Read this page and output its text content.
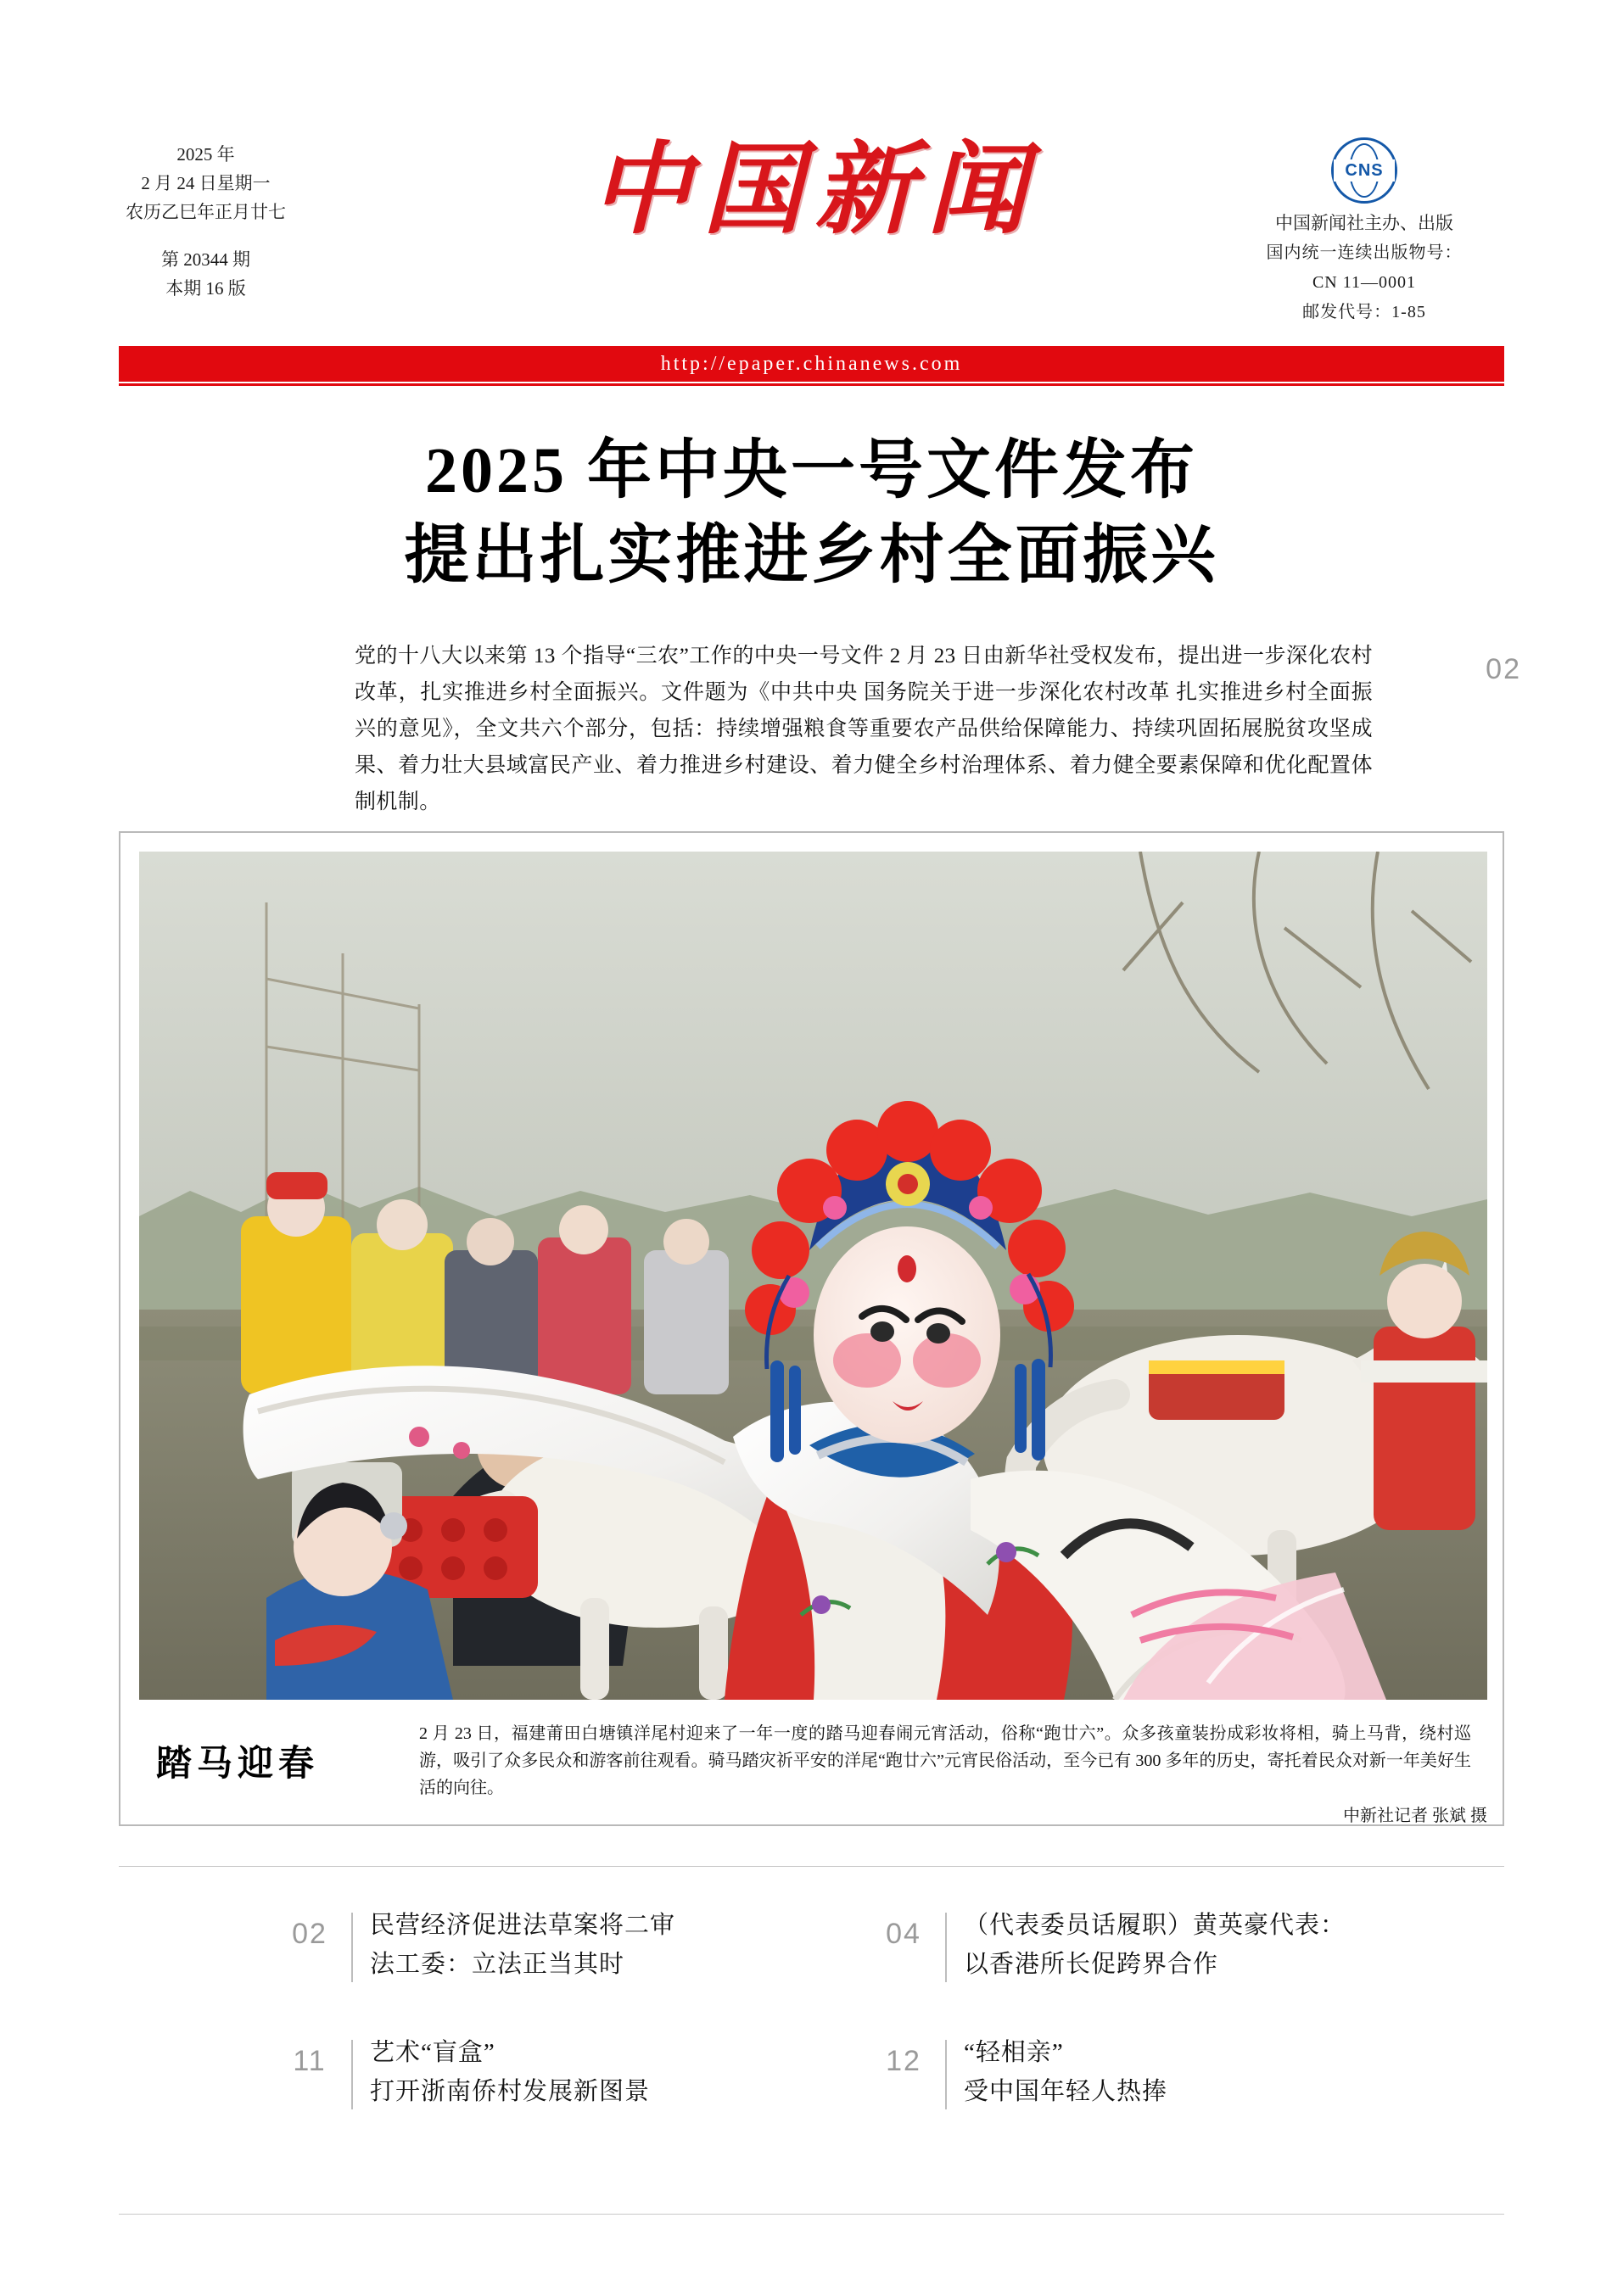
2025 年
2 月 24 日星期一
农历乙巳年正月廿七
第 20344 期
本期 16 版
中国新闻	CNS
中国新闻社主办、出版
国内统一连续出版物号：
CN 11—0001
邮发代号：1-85
http://epaper.chinanews.com
2025 年中央一号文件发布
提出扎实推进乡村全面振兴
党的十八大以来第 13 个指导“三农”工作的中央一号文件 2 月 23 日由新华社受权发布，提出进一步深化农村改革，扎实推进乡村全面振兴。文件题为《中共中央 国务院关于进一步深化农村改革 扎实推进乡村全面振兴的意见》，全文共六个部分，包括：持续增强粮食等重要农产品供给保障能力、持续巩固拓展脱贫攻坚成果、着力壮大县域富民产业、着力推进乡村建设、着力健全乡村治理体系、着力健全要素保障和优化配置体制机制。
02
踏马迎春
2 月 23 日，福建莆田白塘镇洋尾村迎来了一年一度的踏马迎春闹元宵活动，俗称“跑廿六”。众多孩童装扮成彩妆将相，骑上马背，绕村巡游，吸引了众多民众和游客前往观看。骑马踏灾祈平安的洋尾“跑廿六”元宵民俗活动，至今已有 300 多年的历史，寄托着民众对新一年美好生活的向往。
中新社记者 张斌 摄
02	民营经济促进法草案将二审
法工委：立法正当其时
04	（代表委员话履职）黄英豪代表：
以香港所长促跨界合作
11	艺术“盲盒”
打开浙南侨村发展新图景
12	“轻相亲”
受中国年轻人热捧
